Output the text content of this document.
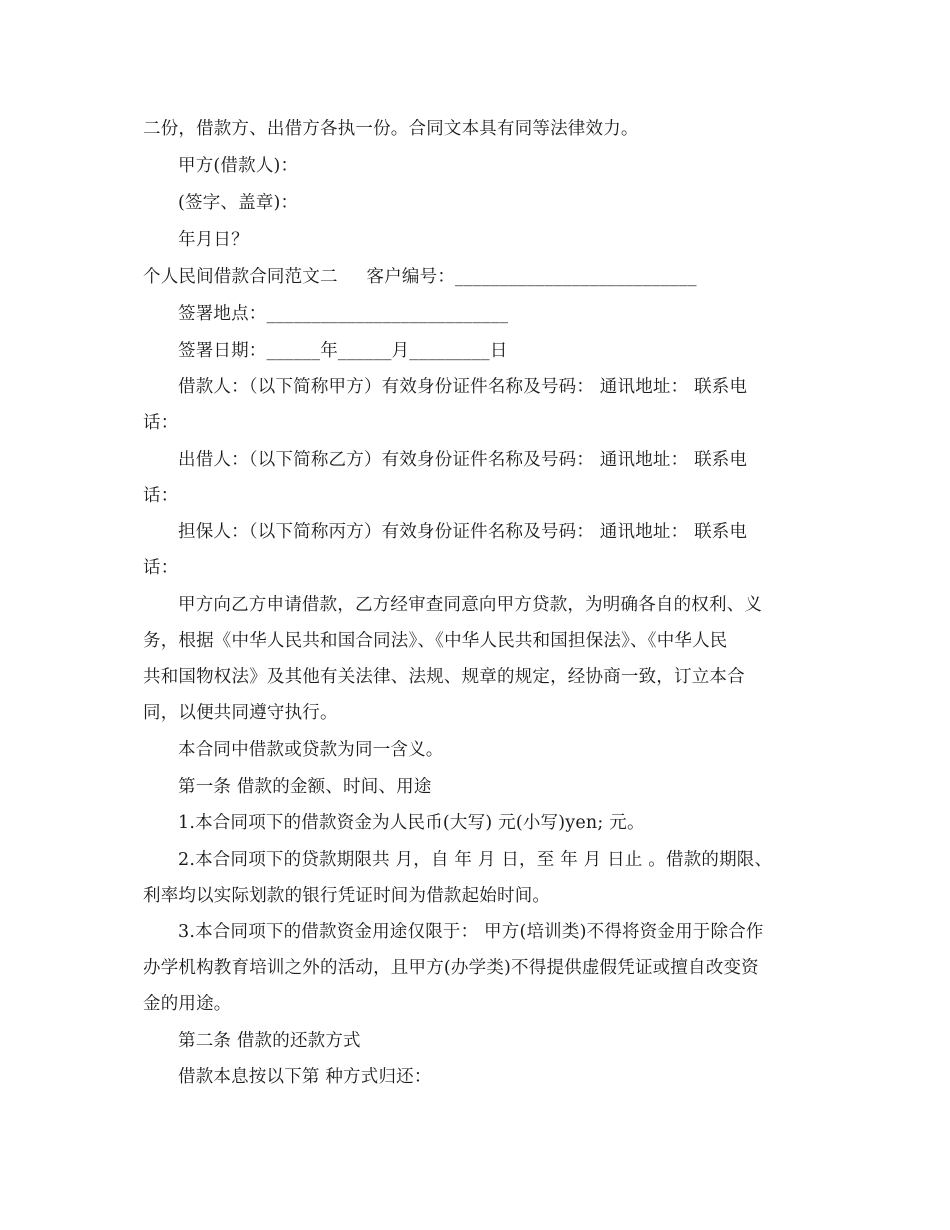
二份，借款方、出借方各执一份。合同文本具有同等法律效力。
甲方(借款人)：
(签字、盖章)：
年月日？
个人民间借款合同范文二     客户编号：___________________________
签署地点：___________________________
签署日期：______年______月_________日
借款人：（以下简称甲方）有效身份证件名称及号码： 通讯地址： 联系电
话：
出借人：（以下简称乙方）有效身份证件名称及号码： 通讯地址： 联系电
话：
担保人：（以下简称丙方）有效身份证件名称及号码： 通讯地址： 联系电
话：
甲方向乙方申请借款，乙方经审查同意向甲方贷款，为明确各自的权利、义
务，根据《中华人民共和国合同法》、《中华人民共和国担保法》、《中华人民
共和国物权法》及其他有关法律、法规、规章的规定，经协商一致，订立本合
同，以便共同遵守执行。
本合同中借款或贷款为同一含义。
第一条 借款的金额、时间、用途
1.本合同项下的借款资金为人民币(大写) 元(小写)yen; 元。
2.本合同项下的贷款期限共 月，自 年 月 日，至 年 月 日止 。借款的期限、
利率均以实际划款的银行凭证时间为借款起始时间。
3.本合同项下的借款资金用途仅限于： 甲方(培训类)不得将资金用于除合作
办学机构教育培训之外的活动，且甲方(办学类)不得提供虚假凭证或擅自改变资
金的用途。
第二条 借款的还款方式
借款本息按以下第 种方式归还：
